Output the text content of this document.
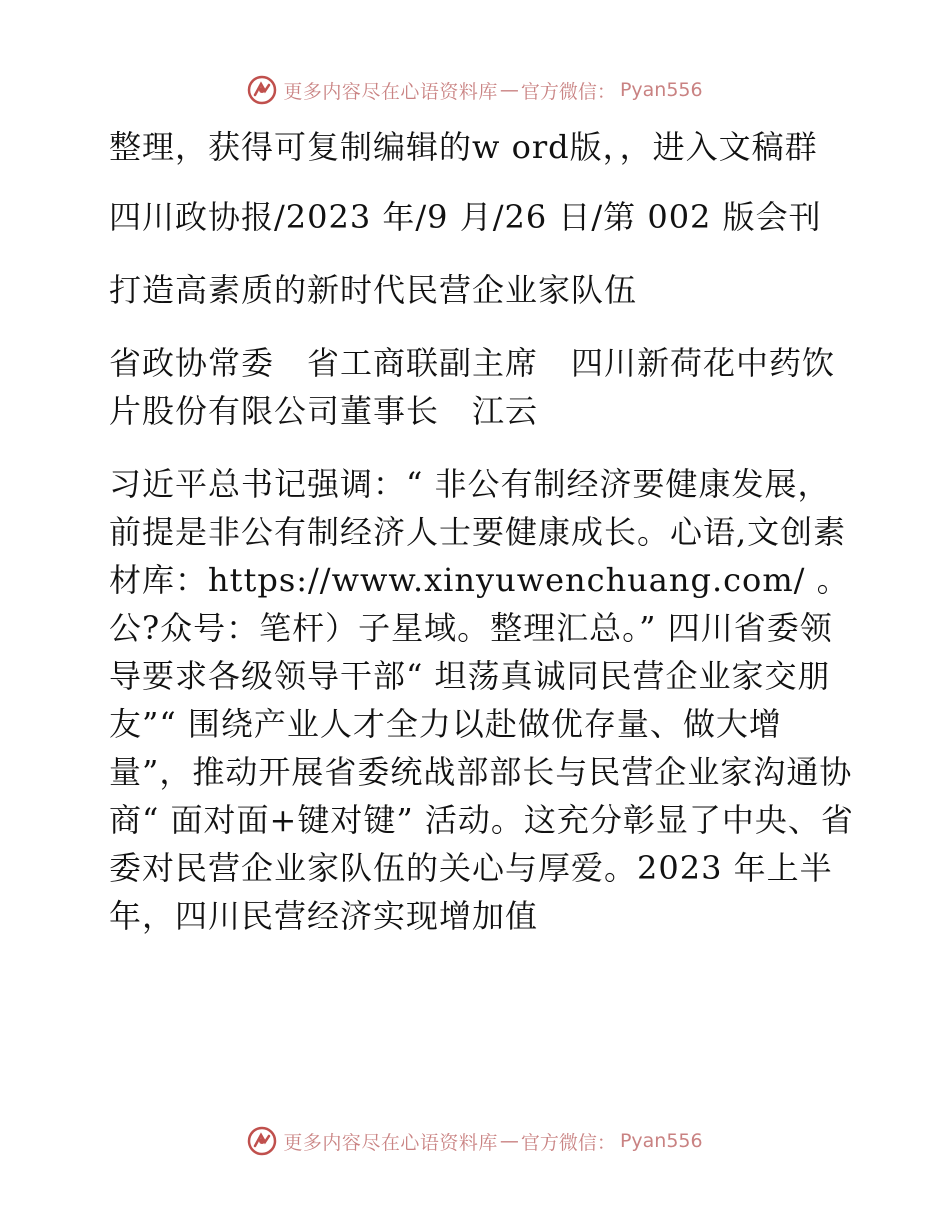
更多内容尽在心语资料库 — 官方微信： Pyan556

整理，获得可复制编辑的w ord版，，进入文稿群

四川政协报/2023 年/9 月/26 日/第 002 版会刊

打造高素质的新时代民营企业家队伍

省政协常委　省工商联副主席　四川新荷花中药饮片股份有限公司董事长　江云

习近平总书记强调：“ 非公有制经济要健康发展，前提是非公有制经济人士要健康成长。心语,文创素材库：https://www.xinyuwenchuang.com/ 。公?众号：笔杆）子星域。整理汇总。” 四川省委领导要求各级领导干部“ 坦荡真诚同民营企业家交朋友”“ 围绕产业人才全力以赴做优存量、做大增量”，推动开展省委统战部部长与民营企业家沟通协商“ 面对面+键对键” 活动。这充分彰显了中央、省委对民营企业家队伍的关心与厚爱。2023 年上半年，四川民营经济实现增加值

更多内容尽在心语资料库 — 官方微信： Pyan556
